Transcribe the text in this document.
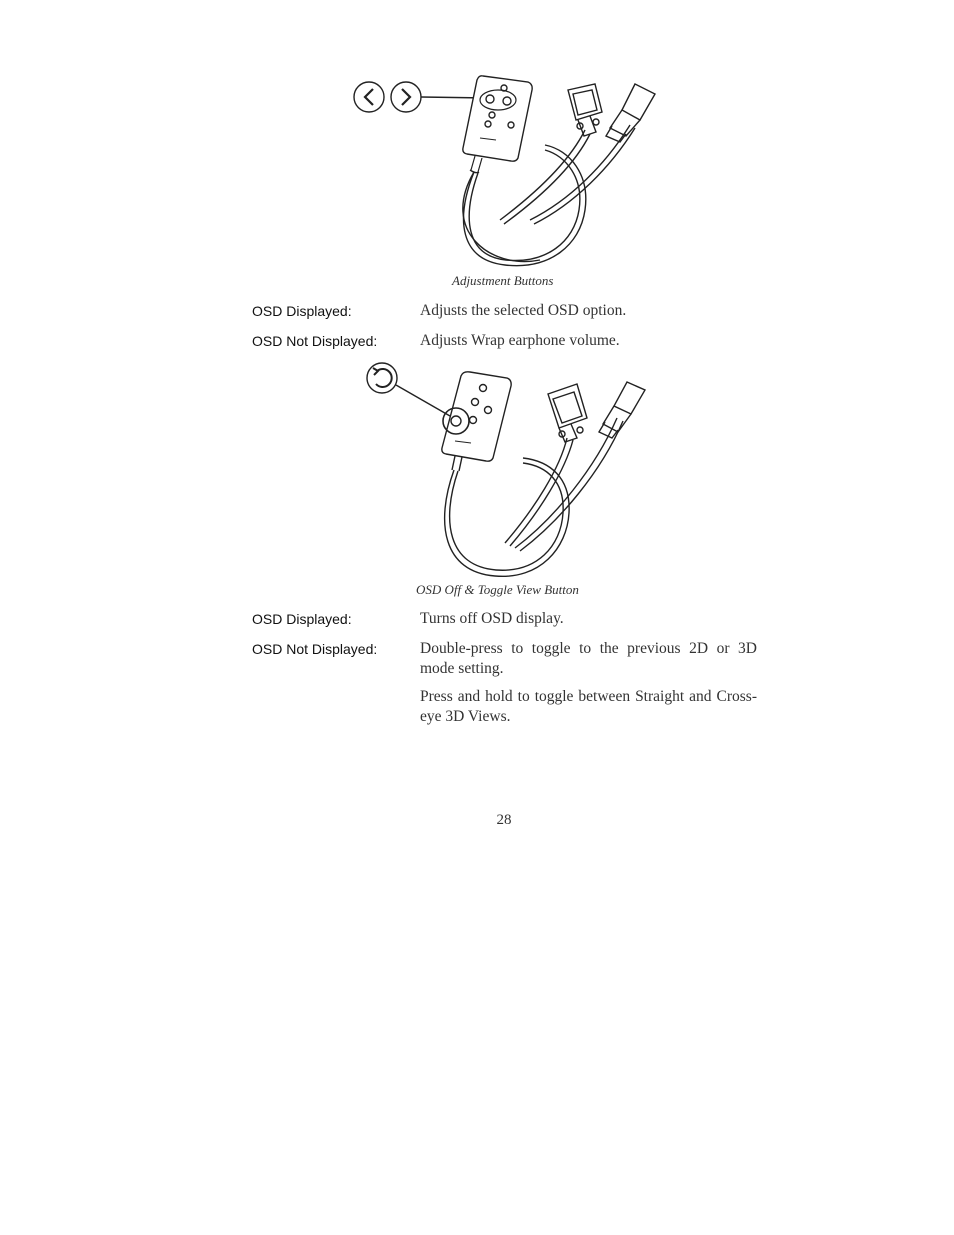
Adjustment Buttons
OSD Displayed:	Adjusts the selected OSD option.
OSD Not Displayed:	Adjusts Wrap earphone volume.
OSD Off & Toggle View Button
OSD Displayed:	Turns off OSD display.
OSD Not Displayed:	Double-press to toggle to the previous 2D or 3D mode setting.
Press and hold to toggle between Straight and Cross-eye 3D Views.
28
